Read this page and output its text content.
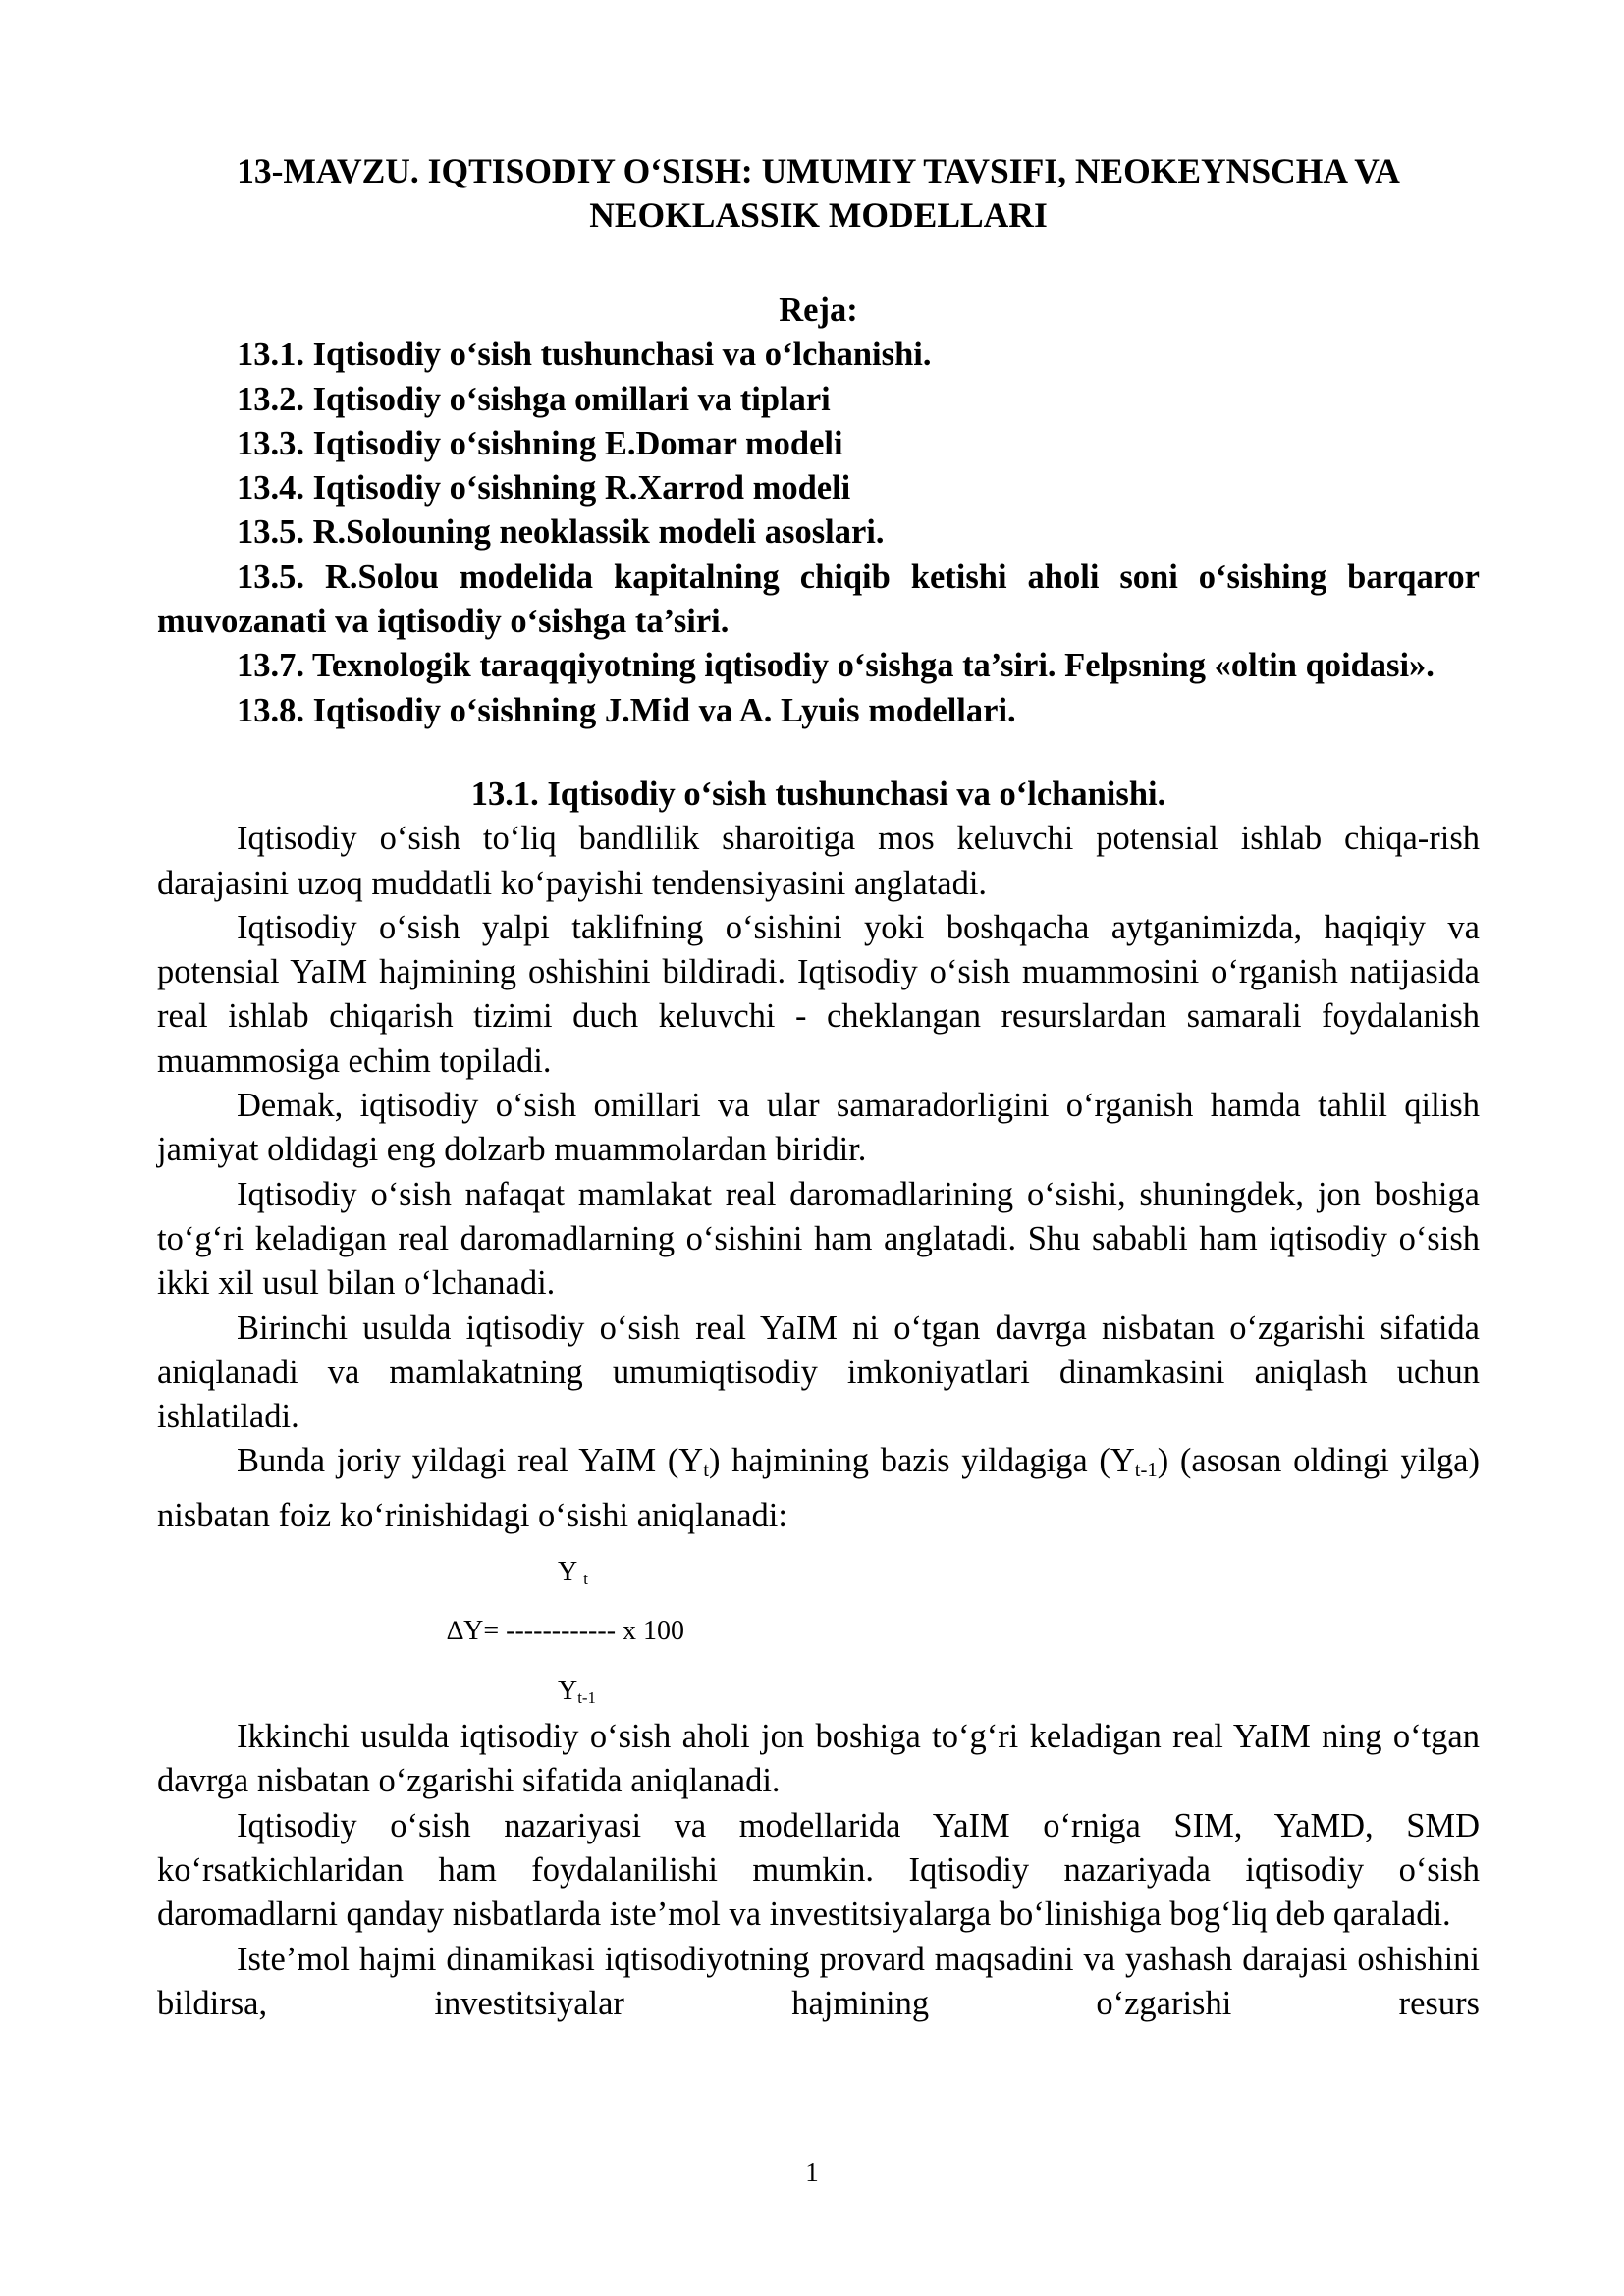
13-MAVZU. IQTISODIY O‘SISH: UMUMIY TAVSIFI, NEOKEYNSCHA VA NEOKLASSIK MODELLARI

Reja:

13.1. Iqtisodiy o‘sish tushunchasi va o‘lchanishi.

13.2. Iqtisodiy o‘sishga omillari va tiplari

13.3. Iqtisodiy o‘sishning E.Domar modeli

13.4. Iqtisodiy o‘sishning R.Xarrod modeli

13.5. R.Solouning neoklassik modeli asoslari.

13.5. R.Solou modelida kapitalning chiqib ketishi aholi soni o‘sishing barqaror muvozanati va iqtisodiy o‘sishga ta’siri.

13.7. Texnologik taraqqiyotning iqtisodiy o‘sishga ta’siri. Felpsning «oltin qoidasi».

13.8. Iqtisodiy o‘sishning J.Mid va A. Lyuis modellari.

13.1. Iqtisodiy o‘sish tushunchasi va o‘lchanishi.

Iqtisodiy o‘sish to‘liq bandlilik sharoitiga mos keluvchi potensial ishlab chiqa-rish darajasini uzoq muddatli ko‘payishi tendensiyasini anglatadi.

Iqtisodiy o‘sish yalpi taklifning o‘sishini yoki boshqacha aytganimizda, haqiqiy va potensial YaIM hajmining oshishini bildiradi. Iqtisodiy o‘sish muammosini o‘rganish natijasida real ishlab chiqarish tizimi duch keluvchi - cheklangan resurslardan samarali foydalanish muammosiga echim topiladi.

Demak, iqtisodiy o‘sish omillari va ular samaradorligini o‘rganish hamda tahlil qilish jamiyat oldidagi eng dolzarb muammolardan biridir.

Iqtisodiy o‘sish nafaqat mamlakat real daromadlarining o‘sishi, shuningdek, jon boshiga to‘g‘ri keladigan real daromadlarning o‘sishini ham anglatadi. Shu sababli ham iqtisodiy o‘sish ikki xil usul bilan o‘lchanadi.

Birinchi usulda iqtisodiy o‘sish real YaIM ni o‘tgan davrga nisbatan o‘zgarishi sifatida aniqlanadi va mamlakatning umumiqtisodiy imkoniyatlari dinamkasini aniqlash uchun ishlatiladi.

Bunda joriy yildagi real YaIM $(Y_t)$ hajmining bazis yildagiga $(Y_{t-1})$ (asosan oldingi yilga) nisbatan foiz ko‘rinishidagi o‘sishi aniqlanadi:

Y $_t$
∆Y= ------------ x 100
$Y_{t-1}$

Ikkinchi usulda iqtisodiy o‘sish aholi jon boshiga to‘g‘ri keladigan real YaIM ning o‘tgan davrga nisbatan o‘zgarishi sifatida aniqlanadi.

Iqtisodiy o‘sish nazariyasi va modellarida YaIM o‘rniga SIM, YaMD, SMD ko‘rsatkichlaridan ham foydalanilishi mumkin. Iqtisodiy nazariyada iqtisodiy o‘sish daromadlarni qanday nisbatlarda iste’mol va investitsiyalarga bo‘linishiga bog‘liq deb qaraladi.

Iste’mol hajmi dinamikasi iqtisodiyotning provard maqsadini va yashash darajasi oshishini bildirsa, investitsiyalar hajmining o‘zgarishi resurs

1
